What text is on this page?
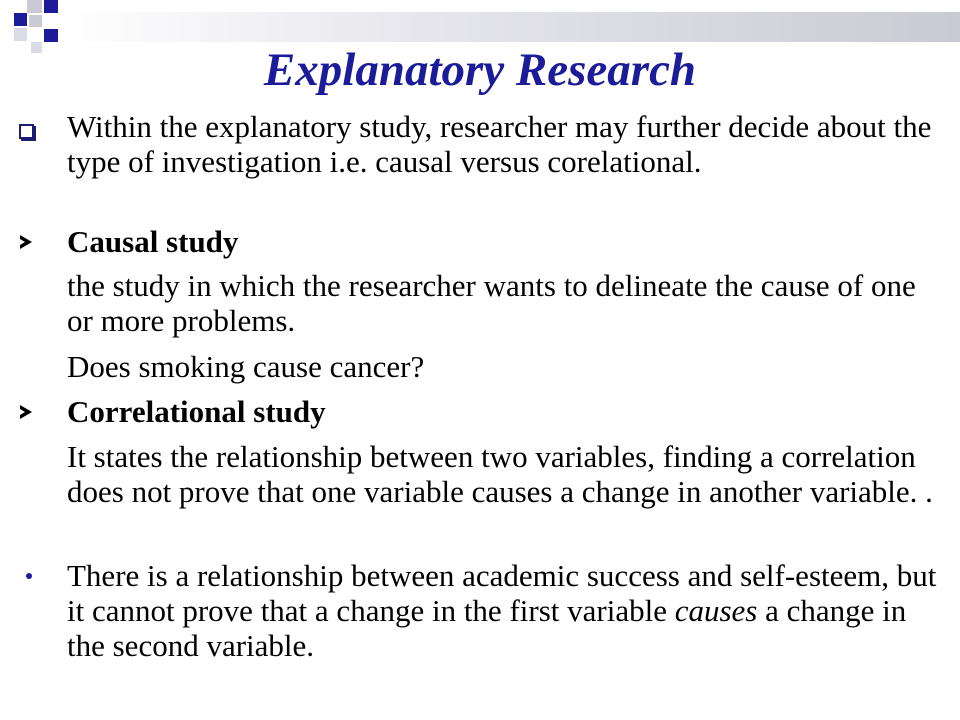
Explanatory Research
Within the explanatory study, researcher may further decide about the type of investigation i.e. causal versus corelational.
Causal study
the study in which the researcher wants to delineate the cause of one or more problems.
Does smoking cause cancer?
Correlational study
It states the relationship between two variables, finding a correlation does not prove that one variable causes a change in another variable. .
There is a relationship between academic success and self-esteem, but it cannot prove that a change in the first variable causes a change in the second variable.
